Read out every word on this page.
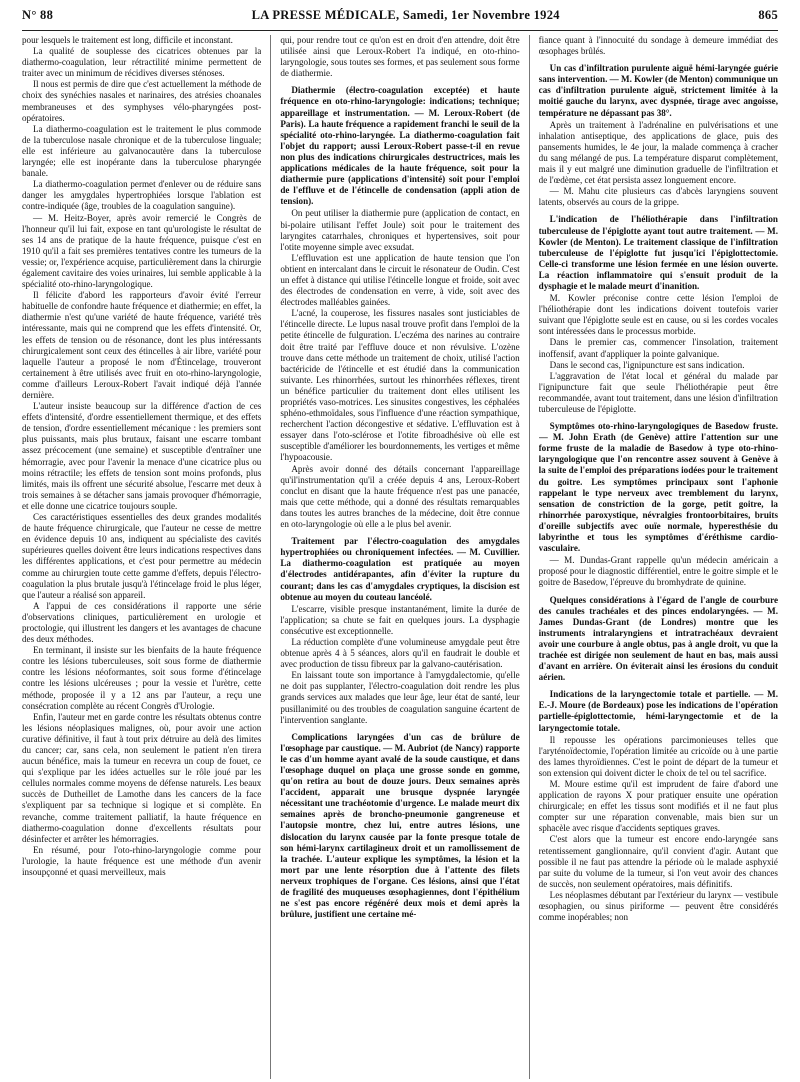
N° 88	LA PRESSE MÉDICALE, Samedi, 1er Novembre 1924	865

pour lesquels le traitement est long, difficile et inconstant.

La qualité de souplesse des cicatrices obtenues par la diathermo-coagulation, leur rétractilité minime permettent de traiter avec un minimum de récidives diverses sténoses.

Il nous est permis de dire que c'est actuellement la méthode de choix des synéchies nasales et narinaires, des atrésies choanales membraneuses et des symphyses vélo-pharyngées post-opératoires.

La diathermo-coagulation est le traitement le plus commode de la tuberculose nasale chronique et de la tuberculose linguale; elle est inférieure au galvanocautère dans la tuberculose laryngée; elle est inopérante dans la tuberculose pharyngée banale.

La diathermo-coagulation permet d'enlever ou de réduire sans danger les amygdales hypertrophiées lorsque l'ablation est contre-indiquée (âge, troubles de la coagulation sanguine).

— M. Heitz-Boyer, après avoir remercié le Congrès de l'honneur qu'il lui fait, expose en tant qu'urologiste le résultat de ses 14 ans de pratique de la haute fréquence, puisque c'est en 1910 qu'il a fait ses premières tentatives contre les tumeurs de la vessie; or, l'expérience acquise, particulièrement dans la chirurgie également cavitaire des voies urinaires, lui semble applicable à la spécialité oto-rhino-laryngologique.

Il félicite d'abord les rapporteurs d'avoir évité l'erreur habituelle de confondre haute fréquence et diathermie; en effet, la diathermie n'est qu'une variété de haute fréquence, variété très intéressante, mais qui ne comprend que les effets d'intensité. Or, les effets de tension ou de résonance, dont les plus intéressants chirurgicalement sont ceux des étincelles à air libre, variété pour laquelle l'auteur a proposé le nom d'Étincelage, trouveront certainement à être utilisés avec fruit en oto-rhino-laryngologie, comme d'ailleurs Leroux-Robert l'avait indiqué déjà l'année dernière.

L'auteur insiste beaucoup sur la différence d'action de ces effets d'intensité, d'ordre essentiellement thermique, et des effets de tension, d'ordre essentiellement mécanique : les premiers sont plus puissants, mais plus brutaux, faisant une escarre tombant assez précocement (une semaine) et susceptible d'entraîner une hémorragie, avec pour l'avenir la menace d'une cicatrice plus ou moins rétractile; les effets de tension sont moins profonds, plus limités, mais ils offrent une sécurité absolue, l'escarre met deux à trois semaines à se détacher sans jamais provoquer d'hémorragie, et elle donne une cicatrice toujours souple.

Ces caractéristiques essentielles des deux grandes modalités de haute fréquence chirurgicale, que l'auteur ne cesse de mettre en évidence depuis 10 ans, indiquent au spécialiste des cavités supérieures quelles doivent être leurs indications respectives dans les différentes applications, et c'est pour permettre au médecin comme au chirurgien toute cette gamme d'effets, depuis l'électro-coagulation la plus brutale jusqu'à l'étincelage froid le plus léger, que l'auteur a réalisé son appareil.

A l'appui de ces considérations il rapporte une série d'observations cliniques, particulièrement en urologie et proctologie, qui illustrent les dangers et les avantages de chacune des deux méthodes.

En terminant, il insiste sur les bienfaits de la haute fréquence contre les lésions tuberculeuses, soit sous forme de diathermie contre les lésions néoformantes, soit sous forme d'étincelage contre les lésions ulcéreuses ; pour la vessie et l'urètre, cette méthode, proposée il y a 12 ans par l'auteur, a reçu une consécration complète au récent Congrès d'Urologie.

Enfin, l'auteur met en garde contre les résultats obtenus contre les lésions néoplasiques malignes, où, pour avoir une action curative définitive, il faut à tout prix détruire au delà des limites du cancer; car, sans cela, non seulement le patient n'en tirera aucun bénéfice, mais la tumeur en recevra un coup de fouet, ce qui s'explique par les idées actuelles sur le rôle joué par les cellules normales comme moyens de défense naturels. Les beaux succès de Dutheillet de Lamothe dans les cancers de la face s'expliquent par sa technique si logique et si complète. En revanche, comme traitement palliatif, la haute fréquence en diathermo-coagulation donne d'excellents résultats pour désinfecter et arrêter les hémorragies.

En résumé, pour l'oto-rhino-laryngologie comme pour l'urologie, la haute fréquence est une méthode d'un avenir insoupçonné et quasi merveilleux, mais

qui, pour rendre tout ce qu'on est en droit d'en attendre, doit être utilisée ainsi que Leroux-Robert l'a indiqué, en oto-rhino-laryngologie, sous toutes ses formes, et pas seulement sous forme de diathermie.

Diathermie (électro-coagulation exceptée) et haute fréquence en oto-rhino-laryngologie: indications; technique; appareillage et instrumentation. — M. Leroux-Robert (de Paris). La haute fréquence a rapidement franchi le seuil de la spécialité oto-rhino-laryngée. La diathermo-coagulation fait l'objet du rapport; aussi Leroux-Robert passe-t-il en revue non plus des indications chirurgicales destructrices, mais les applications médicales de la haute fréquence, soit pour la diathermie pure (applications d'intensité) soit pour l'emploi de l'effluve et de l'étincelle de condensation (appli ation de tension).

On peut utiliser la diathermie pure (application de contact, en bi-polaire utilisant l'effet Joule) soit pour le traitement des laryngites catarrhales, chroniques et hypertensives, soit pour l'otite moyenne simple avec exsudat.

L'effluvation est une application de haute tension que l'on obtient en intercalant dans le circuit le résonateur de Oudin. C'est un effet à distance qui utilise l'étincelle longue et froide, soit avec des électrodes de condensation en verre, à vide, soit avec des électrodes malléables gainées.

L'acné, la couperose, les fissures nasales sont justiciables de l'étincelle directe. Le lupus nasal trouve profit dans l'emploi de la petite étincelle de fulguration. L'eczéma des narines au contraire doit être traité par l'effluve douce et non révulsive. L'ozène trouve dans cette méthode un traitement de choix, utilisé l'action bactéricide de l'étincelle et est étudié dans la communication suivante. Les rhinorrhées, surtout les rhinorrhées réflexes, tirent un bénéfice particulier du traitement dont elles utilisent les propriétés vaso-motrices. Les sinusites congestives, les céphalées sphéno-ethmoïdales, sous l'influence d'une réaction sympathique, recherchent l'action décongestive et sédative. L'effluvation est à essayer dans l'oto-sclérose et l'otite fibroadhésive où elle est susceptible d'améliorer les bourdonnements, les vertiges et même l'hypoacousie.

Après avoir donné des détails concernant l'appareillage qu'il'instrumentation qu'il a créée depuis 4 ans, Leroux-Robert conclut en disant que la haute fréquence n'est pas une panacée, mais que cette méthode, qui a donné des résultats remarquables dans toutes les autres branches de la médecine, doit être connue en oto-laryngologie où elle a le plus bel avenir.

Traitement par l'électro-coagulation des amygdales hypertrophiées ou chroniquement infectées. — M. Cuvillier. La diathermo-coagulation est pratiquée au moyen d'électrodes antidérapantes, afin d'éviter la rupture du courant; dans les cas d'amygdales cryptiques, la discision est obtenue au moyen du couteau lancéolé.

L'escarre, visible presque instantanément, limite la durée de l'application; sa chute se fait en quelques jours. La dysphagie consécutive est exceptionnelle.

La réduction complète d'une volumineuse amygdale peut être obtenue après 4 à 5 séances, alors qu'il en faudrait le double et avec production de tissu fibreux par la galvano-cautérisation.

En laissant toute son importance à l'amygdalectomie, qu'elle ne doit pas supplanter, l'électro-coagulation doit rendre les plus grands services aux malades que leur âge, leur état de santé, leur pusillanimité ou des troubles de coagulation sanguine écartent de l'intervention sanglante.

Complications laryngées d'un cas de brûlure de l'œsophage par caustique. — M. Aubriot (de Nancy) rapporte le cas d'un homme ayant avalé de la soude caustique, et dans l'œsophage duquel on plaça une grosse sonde en gomme, qu'on retira au bout de douze jours. Deux semaines après l'accident, apparait une brusque dyspnée laryngée nécessitant une trachéotomie d'urgence. Le malade meurt dix semaines après de broncho-pneumonie gangreneuse et l'autopsie montre, chez lui, entre autres lésions, une dislocation du larynx causée par la fonte presque totale de son hémi-larynx cartilagineux droit et un ramollissement de la trachée. L'auteur explique les symptômes, la lésion et la mort par une lente résorption due à l'attente des filets nerveux trophiques de l'organe. Ces lésions, ainsi que l'état de fragilité des muqueuses œsophagiennes, dont l'épithélium ne s'est pas encore régénéré deux mois et demi après la brûlure, justifient une certaine mé-

fiance quant à l'innocuité du sondage à demeure immédiat des œsophages brûlés.

Un cas d'infiltration purulente aiguë hémi-laryngée guérie sans intervention. — M. Kowler (de Menton) communique un cas d'infiltration purulente aiguë, strictement limitée à la moitié gauche du larynx, avec dyspnée, tirage avec angoisse, température ne dépassant pas 38°.

Après un traitement à l'adrénaline en pulvérisations et une inhalation antiseptique, des applications de glace, puis des pansements humides, le 4e jour, la malade commença à cracher du sang mélangé de pus. La température disparut complètement, mais il y eut malgré une diminution graduelle de l'infiltration et de l'œdème, cet état persista assez longuement encore.

— M. Mahu cite plusieurs cas d'abcès laryngiens souvent latents, observés au cours de la grippe.

L'indication de l'héliothérapie dans l'infiltration tuberculeuse de l'épiglotte ayant tout autre traitement. — M. Kowler (de Menton). Le traitement classique de l'infiltration tuberculeuse de l'épiglotte fut jusqu'ici l'épiglottectomie. Celle-ci transforme une lésion fermée en une lésion ouverte. La réaction inflammatoire qui s'ensuit produit de la dysphagie et le malade meurt d'inanition.

M. Kowler préconise contre cette lésion l'emploi de l'héliothérapie dont les indications doivent toutefois varier suivant que l'épiglotte seule est en cause, ou si les cordes vocales sont intéressées dans le processus morbide.

Dans le premier cas, commencer l'insolation, traitement inoffensif, avant d'appliquer la pointe galvanique.

Dans le second cas, l'ignipuncture est sans indication.

L'aggravation de l'état local et général du malade par l'ignipuncture fait que seule l'héliothérapie peut être recommandée, avant tout traitement, dans une lésion d'infiltration tuberculeuse de l'épiglotte.

Symptômes oto-rhino-laryngologiques de Basedow fruste. — M. John Erath (de Genève) attire l'attention sur une forme fruste de la maladie de Basedow à type oto-rhino-laryngologique que l'on rencontre assez souvent à Genève à la suite de l'emploi des préparations iodées pour le traitement du goitre. Les symptômes principaux sont l'aphonie rappelant le type nerveux avec tremblement du larynx, sensation de constriction de la gorge, petit goitre, la rhinorrhée paroxystique, névralgies frontoorbitaires, bruits d'oreille subjectifs avec ouïe normale, hyperesthésie du labyrinthe et tous les symptômes d'éréthisme cardio-vasculaire.

— M. Dundas-Grant rappelle qu'un médecin américain a proposé pour le diagnostic différentiel, entre le goitre simple et le goitre de Basedow, l'épreuve du bromhydrate de quinine.

Quelques considérations à l'égard de l'angle de courbure des canules trachéales et des pinces endolaryngées. — M. James Dundas-Grant (de Londres) montre que les instruments intralaryngiens et intratrachéaux devraient avoir une courbure à angle obtus, pas à angle droit, vu que la trachée est dirigée non seulement de haut en bas, mais aussi d'avant en arrière. On éviterait ainsi les érosions du conduit aérien.
Indications de la laryngectomie totale et partielle. — M. E.-J. Moure (de Bordeaux) pose les indications de l'opération partielle-épiglottectomie, hémi-laryngectomie et de la laryngectomie totale.

Il repousse les opérations parcimonieuses telles que l'aryténoïdectomie, l'opération limitée au cricoïde ou à une partie des lames thyroïdiennes. C'est le point de départ de la tumeur et son extension qui doivent dicter le choix de tel ou tel sacrifice.

M. Moure estime qu'il est imprudent de faire d'abord une application de rayons X pour pratiquer ensuite une opération chirurgicale; en effet les tissus sont modifiés et il ne faut plus compter sur une réparation convenable, mais bien sur un sphacèle avec risque d'accidents septiques graves.

C'est alors que la tumeur est encore endo-laryngée sans retentissement ganglionnaire, qu'il convient d'agir. Autant que possible il ne faut pas attendre la période où le malade asphyxié par suite du volume de la tumeur, si l'on veut avoir des chances de succès, non seulement opératoires, mais définitifs.

Les néoplasmes débutant par l'extérieur du larynx — vestibule œsophagien, ou sinus piriforme — peuvent être considérés comme inopérables; non
